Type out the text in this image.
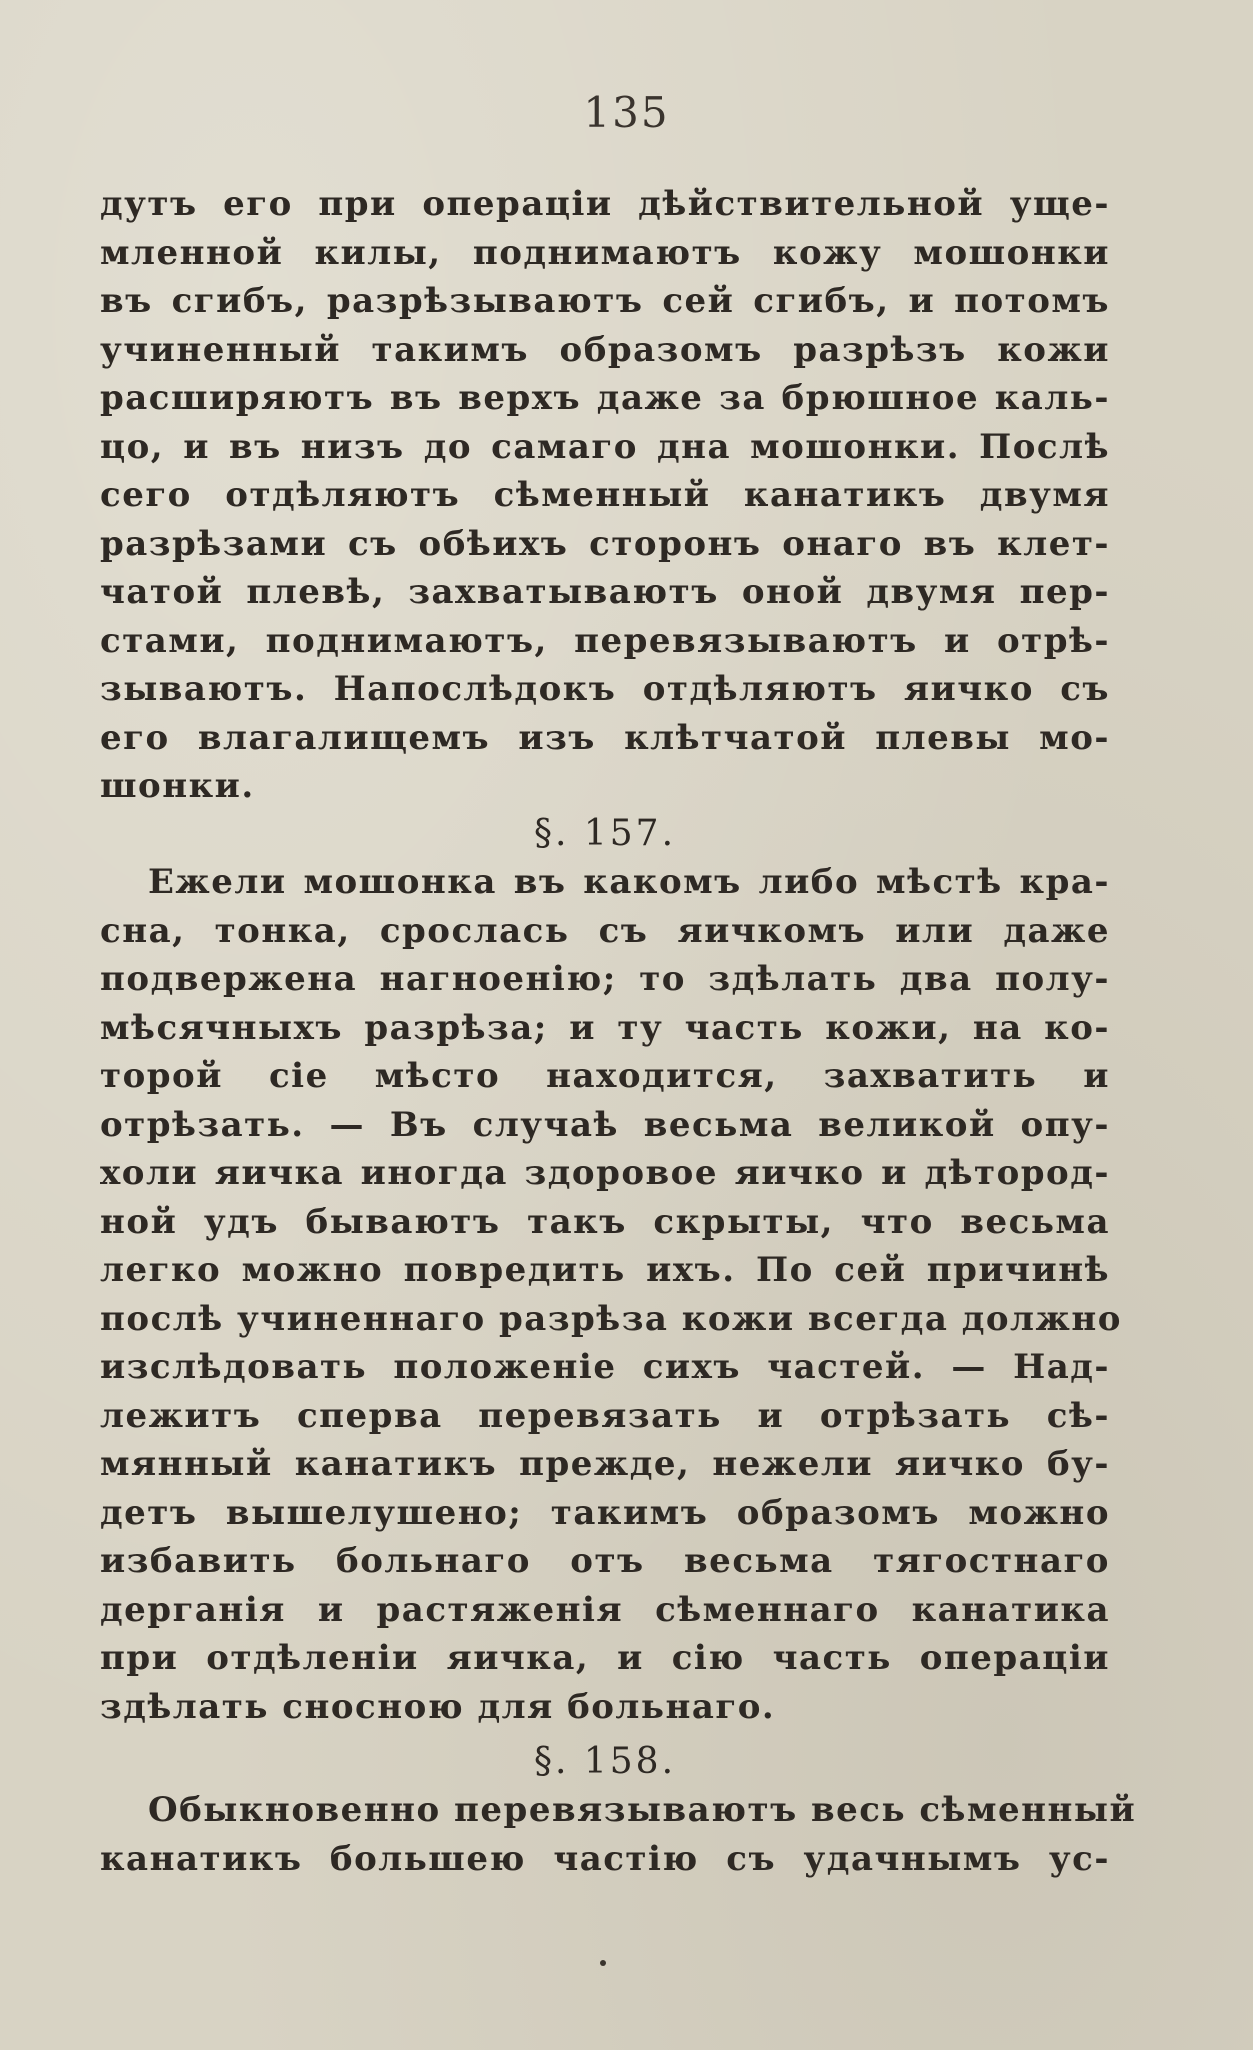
135
дутъ его при операціи дѣйствительной уще-
мленной килы, поднимаютъ кожу мошонки
въ сгибъ, разрѣзываютъ сей сгибъ, и потомъ
учиненный такимъ образомъ разрѣзъ кожи
расширяютъ въ верхъ даже за брюшное каль-
цо, и въ низъ до самаго дна мошонки. Послѣ
сего отдѣляютъ сѣменный канатикъ двумя
разрѣзами съ обѣихъ сторонъ онаго въ клет-
чатой плевѣ, захватываютъ оной двумя пер-
стами, поднимаютъ, перевязываютъ и отрѣ-
зываютъ. Напослѣдокъ отдѣляютъ яичко съ
его влагалищемъ изъ клѣтчатой плевы мо-
шонки.
§. 157.
Ежели мошонка въ какомъ либо мѣстѣ кра-
сна, тонка, срослась съ яичкомъ или даже
подвержена нагноенію; то здѣлать два полу-
мѣсячныхъ разрѣза; и ту часть кожи, на ко-
торой сіе мѣсто находится, захватить и
отрѣзать. — Въ случаѣ весьма великой опу-
холи яичка иногда здоровое яичко и дѣтород-
ной удъ бываютъ такъ скрыты, что весьма
легко можно повредить ихъ. По сей причинѣ
послѣ учиненнаго разрѣза кожи всегда должно
изслѣдовать положеніе сихъ частей. — Над-
лежитъ сперва перевязать и отрѣзать сѣ-
мянный канатикъ прежде, нежели яичко бу-
детъ вышелушено; такимъ образомъ можно
избавить больнаго отъ весьма тягостнаго
дерганія и растяженія сѣменнаго канатика
при отдѣленіи яичка, и сію часть операціи
здѣлать сносною для больнаго.
§. 158.
Обыкновенно перевязываютъ весь сѣменный
канатикъ большею частію съ удачнымъ ус-
